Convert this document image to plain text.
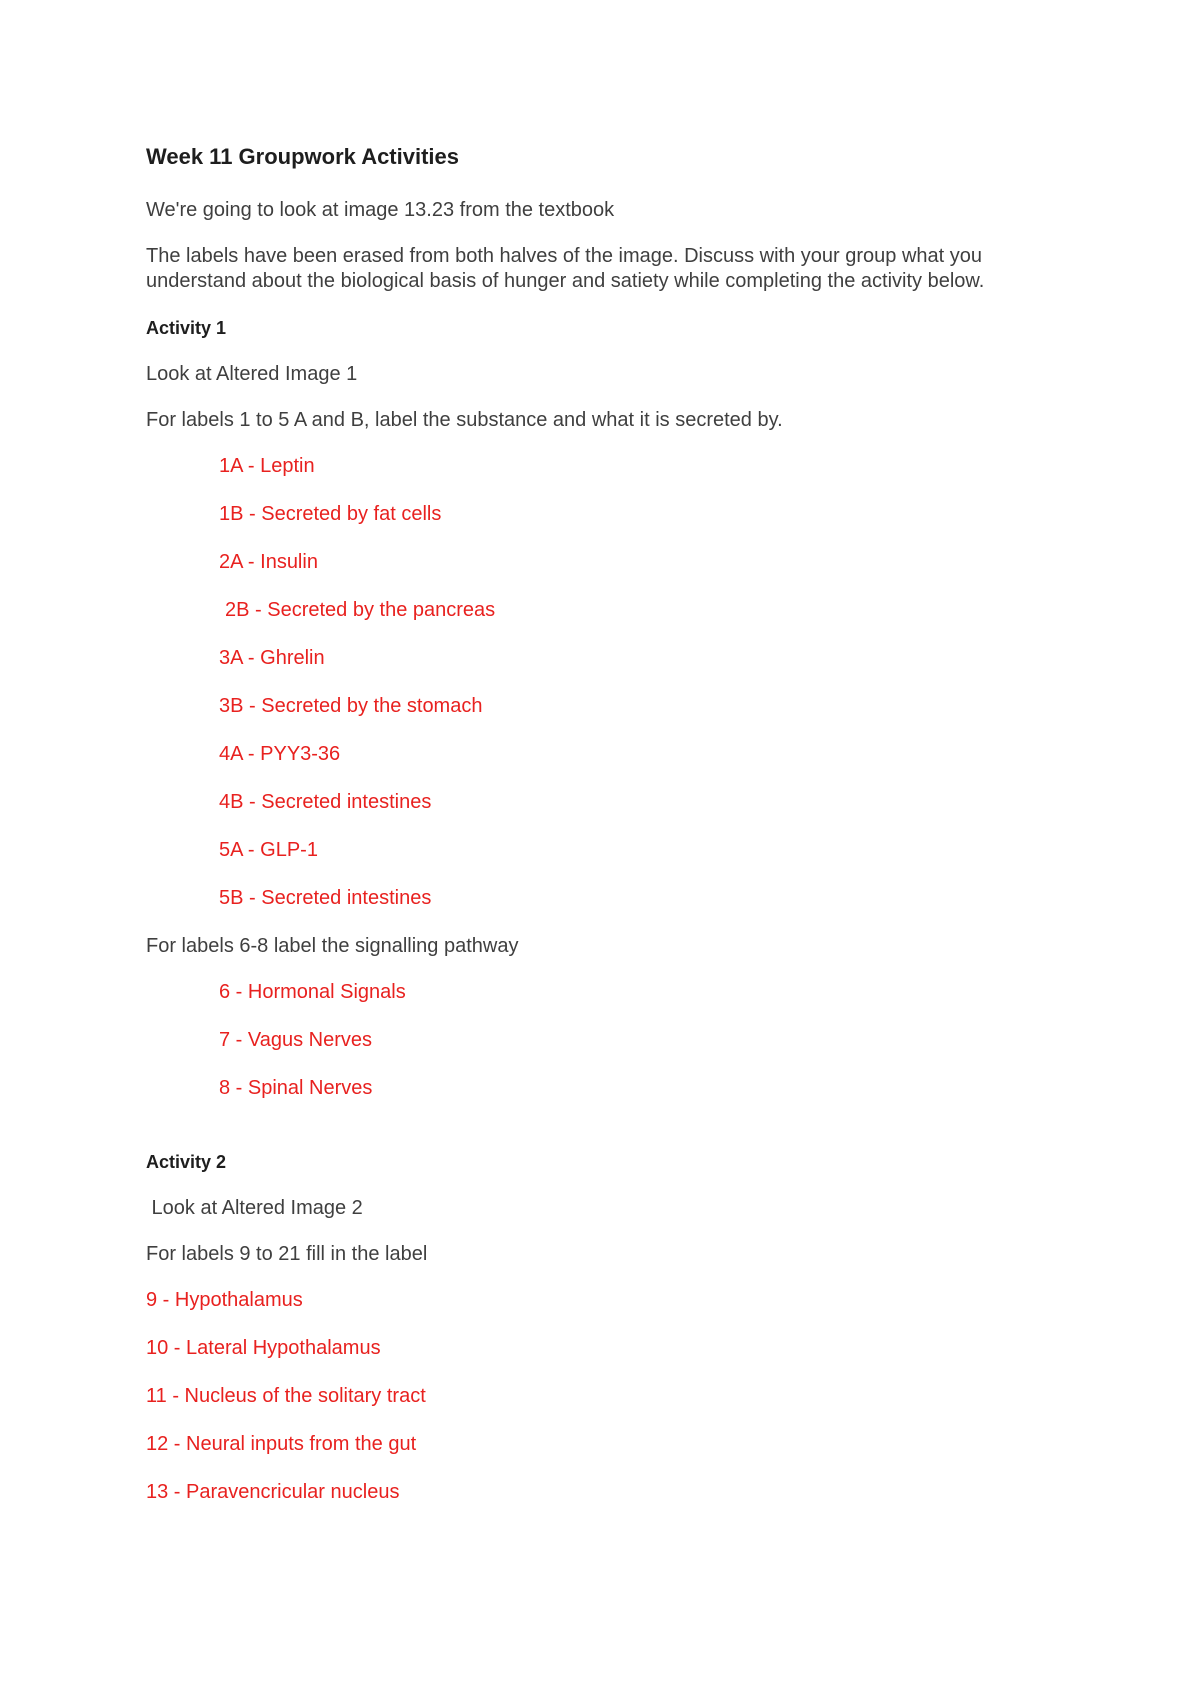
Week 11 Groupwork Activities

We're going to look at image 13.23 from the textbook

The labels have been erased from both halves of the image. Discuss with your group what you understand about the biological basis of hunger and satiety while completing the activity below.

Activity 1

Look at Altered Image 1

For labels 1 to 5 A and B, label the substance and what it is secreted by.

1A - Leptin

1B - Secreted by fat cells

2A - Insulin

2B - Secreted by the pancreas

3A - Ghrelin

3B - Secreted by the stomach

4A - PYY3-36

4B - Secreted intestines

5A - GLP-1

5B - Secreted intestines

For labels 6-8 label the signalling pathway

6 - Hormonal Signals

7 - Vagus Nerves

8 - Spinal Nerves

Activity 2

Look at Altered Image 2

For labels 9 to 21 fill in the label

9 - Hypothalamus

10 - Lateral Hypothalamus

11 - Nucleus of the solitary tract

12 - Neural inputs from the gut

13 - Paravencricular nucleus
